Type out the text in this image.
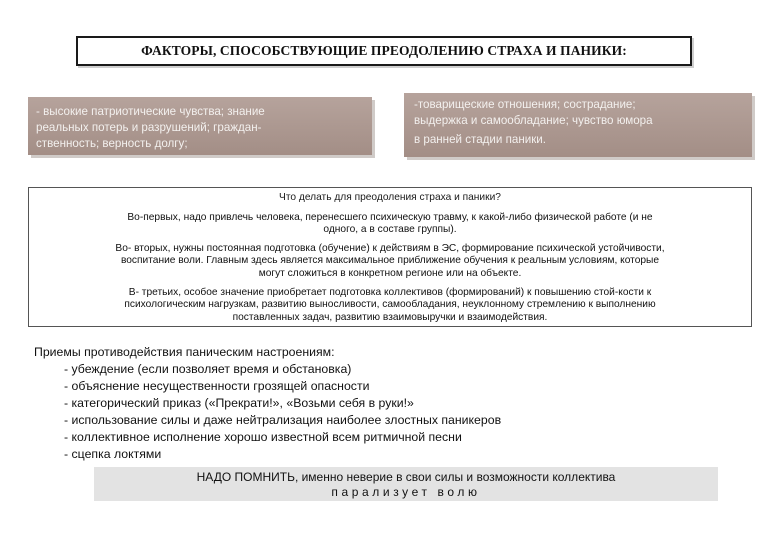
ФАКТОРЫ, СПОСОБСТВУЮЩИЕ ПРЕОДОЛЕНИЮ СТРАХА И ПАНИКИ:
- высокие патриотические чувства; знание
реальных потерь и разрушений; граждан-
ственность; верность долгу;
-товарищеские отношения; сострадание;
выдержка и самообладание; чувство юмора
в ранней стадии паники.
Что делать для преодоления страха и паники?
Во-первых, надо привлечь человека, перенесшего психическую травму, к какой-либо физической работе (и не
одного, а в составе группы).
Во- вторых, нужны постоянная подготовка (обучение) к действиям в ЭС, формирование психической устойчивости,
воспитание воли. Главным здесь является максимальное приближение обучения к реальным условиям, которые
могут сложиться в конкретном регионе или на объекте.
В- третьих, особое значение приобретает подготовка коллективов (формирований) к повышению стой-кости к
психологическим нагрузкам, развитию выносливости, самообладания, неуклонному стремлению к выполнению
поставленных задач, развитию взаимовыручки и взаимодействия.
Приемы противодействия паническим настроениям:
- убеждение (если позволяет время и обстановка)
- объяснение несущественности грозящей опасности
- категорический приказ («Прекрати!», «Возьми себя в руки!»
- использование силы и даже нейтрализация наиболее злостных паникеров
- коллективное исполнение хорошо известной всем ритмичной песни
- сцепка локтями
НАДО ПОМНИТЬ, именно неверие в свои силы и возможности коллектива
парализует волю
